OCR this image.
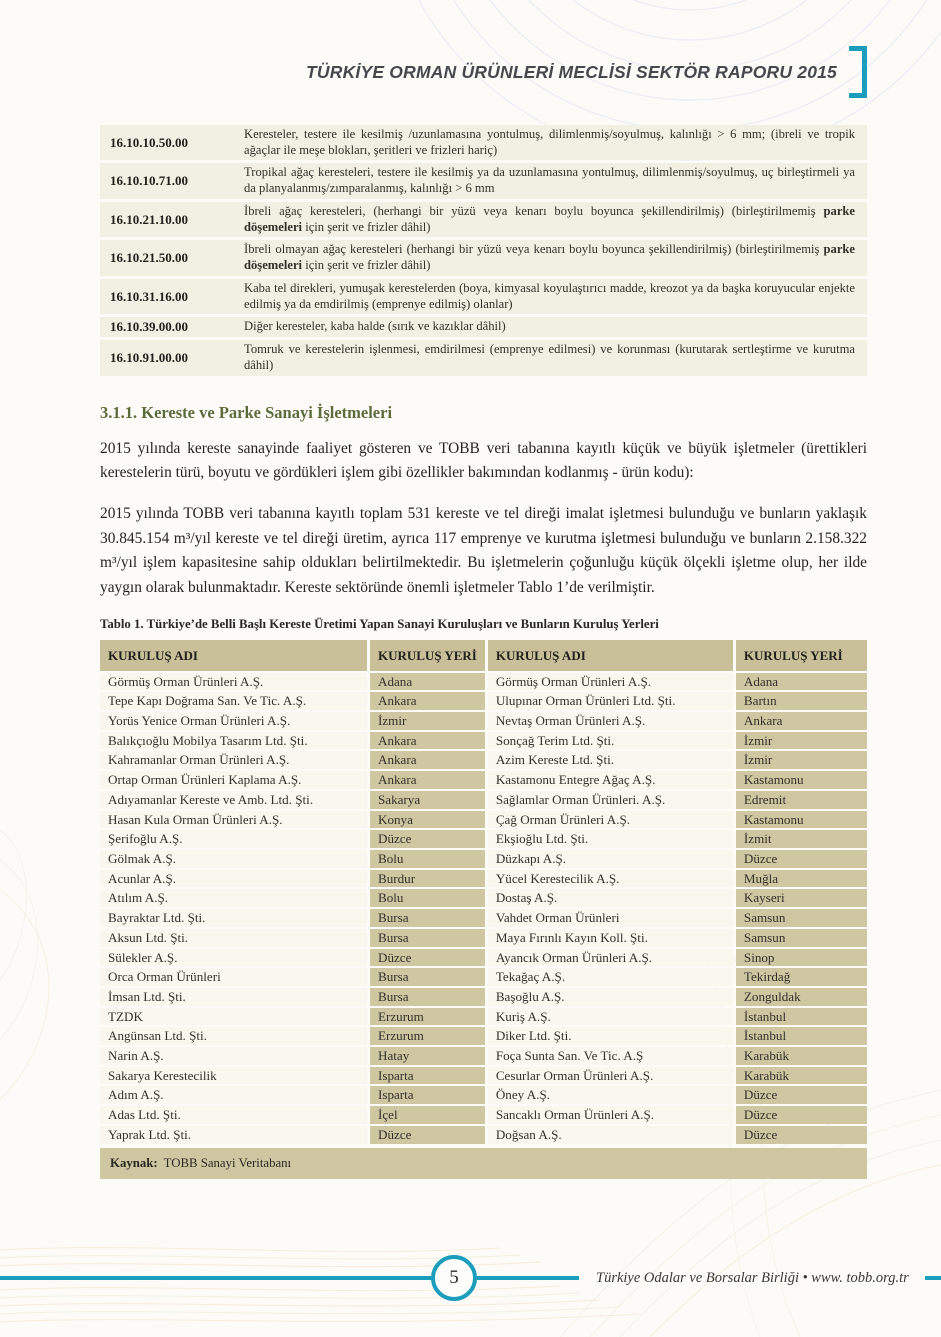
TÜRKİYE ORMAN ÜRÜNLERİ MECLİSİ SEKTÖR RAPORU 2015
16.10.10.50.00	Keresteler, testere ile kesilmiş /uzunlamasına yontulmuş, dilimlenmiş/soyulmuş, kalınlığı > 6 mm; (ibreli ve tropik ağaçlar ile meşe blokları, şeritleri ve frizleri hariç)
16.10.10.71.00	Tropikal ağaç keresteleri, testere ile kesilmiş ya da uzunlamasına yontulmuş, dilimlenmiş/soyulmuş, uç birleştirmeli ya da planyalanmış/zımparalanmış, kalınlığı > 6 mm
16.10.21.10.00	İbreli ağaç keresteleri, (herhangi bir yüzü veya kenarı boylu boyunca şekillendirilmiş) (birleştirilmemiş parke döşemeleri için şerit ve frizler dâhil)
16.10.21.50.00	İbreli olmayan ağaç keresteleri (herhangi bir yüzü veya kenarı boylu boyunca şekillendirilmiş) (birleştirilmemiş parke döşemeleri için şerit ve frizler dâhil)
16.10.31.16.00	Kaba tel direkleri, yumuşak kerestelerden (boya, kimyasal koyulaştırıcı madde, kreozot ya da başka koruyucular enjekte edilmiş ya da emdirilmiş (emprenye edilmiş) olanlar)
16.10.39.00.00	Diğer keresteler, kaba halde (sırık ve kazıklar dâhil)
16.10.91.00.00	Tomruk ve kerestelerin işlenmesi, emdirilmesi (emprenye edilmesi) ve korunması (kurutarak sertleştirme ve kurutma dâhil)
3.1.1. Kereste ve Parke Sanayi İşletmeleri

2015 yılında kereste sanayinde faaliyet gösteren ve TOBB veri tabanına kayıtlı küçük ve büyük işletmeler (ürettikleri kerestelerin türü, boyutu ve gördükleri işlem gibi özellikler bakımından kodlanmış - ürün kodu):

2015 yılında TOBB veri tabanına kayıtlı toplam 531 kereste ve tel direği imalat işletmesi bulunduğu ve bunların yaklaşık 30.845.154 m³/yıl kereste ve tel direği üretim, ayrıca 117 emprenye ve kurutma işletmesi bulunduğu ve bunların 2.158.322 m³/yıl işlem kapasitesine sahip oldukları belirtilmektedir. Bu işletmelerin çoğunluğu küçük ölçekli işletme olup, her ilde yaygın olarak bulunmaktadır. Kereste sektöründe önemli işletmeler Tablo 1’de verilmiştir.

Tablo 1. Türkiye’de Belli Başlı Kereste Üretimi Yapan Sanayi Kuruluşları ve Bunların Kuruluş Yerleri
KURULUŞ ADI	KURULUŞ YERİ	KURULUŞ ADI	KURULUŞ YERİ
Görmüş Orman Ürünleri A.Ş.	Adana	Görmüş Orman Ürünleri A.Ş.	Adana
Tepe Kapı Doğrama San. Ve Tic. A.Ş.	Ankara	Ulupınar Orman Ürünleri Ltd. Şti.	Bartın
Yorüs Yenice Orman Ürünleri A.Ş.	İzmir	Nevtaş Orman Ürünleri A.Ş.	Ankara
Balıkçıoğlu Mobilya Tasarım Ltd. Şti.	Ankara	Sonçağ Terim Ltd. Şti.	İzmir
Kahramanlar Orman Ürünleri A.Ş.	Ankara	Azim Kereste Ltd. Şti.	İzmir
Ortap Orman Ürünleri Kaplama A.Ş.	Ankara	Kastamonu Entegre Ağaç A.Ş.	Kastamonu
Adıyamanlar Kereste ve Amb. Ltd. Şti.	Sakarya	Sağlamlar Orman Ürünleri. A.Ş.	Edremit
Hasan Kula Orman Ürünleri A.Ş.	Konya	Çağ Orman Ürünleri A.Ş.	Kastamonu
Şerifoğlu A.Ş.	Düzce	Ekşioğlu Ltd. Şti.	İzmit
Gölmak A.Ş.	Bolu	Düzkapı A.Ş.	Düzce
Acunlar A.Ş.	Burdur	Yücel Kerestecilik A.Ş.	Muğla
Atılım A.Ş.	Bolu	Dostaş A.Ş.	Kayseri
Bayraktar Ltd. Şti.	Bursa	Vahdet Orman Ürünleri	Samsun
Aksun Ltd. Şti.	Bursa	Maya Fırınlı Kayın Koll. Şti.	Samsun
Sülekler A.Ş.	Düzce	Ayancık Orman Ürünleri A.Ş.	Sinop
Orca Orman Ürünleri	Bursa	Tekağaç A.Ş.	Tekirdağ
İmsan Ltd. Şti.	Bursa	Başoğlu A.Ş.	Zonguldak
TZDK	Erzurum	Kuriş A.Ş.	İstanbul
Angünsan Ltd. Şti.	Erzurum	Diker Ltd. Şti.	İstanbul
Narin A.Ş.	Hatay	Foça Sunta San. Ve Tic. A.Ş	Karabük
Sakarya Kerestecilik	Isparta	Cesurlar Orman Ürünleri A.Ş.	Karabük
Adım A.Ş.	Isparta	Öney A.Ş.	Düzce
Adas Ltd. Şti.	İçel	Sancaklı Orman Ürünleri A.Ş.	Düzce
Yaprak Ltd. Şti.	Düzce	Doğsan A.Ş.	Düzce
Kaynak: TOBB Sanayi Veritabanı
5	Türkiye Odalar ve Borsalar Birliği • www. tobb.org.tr
